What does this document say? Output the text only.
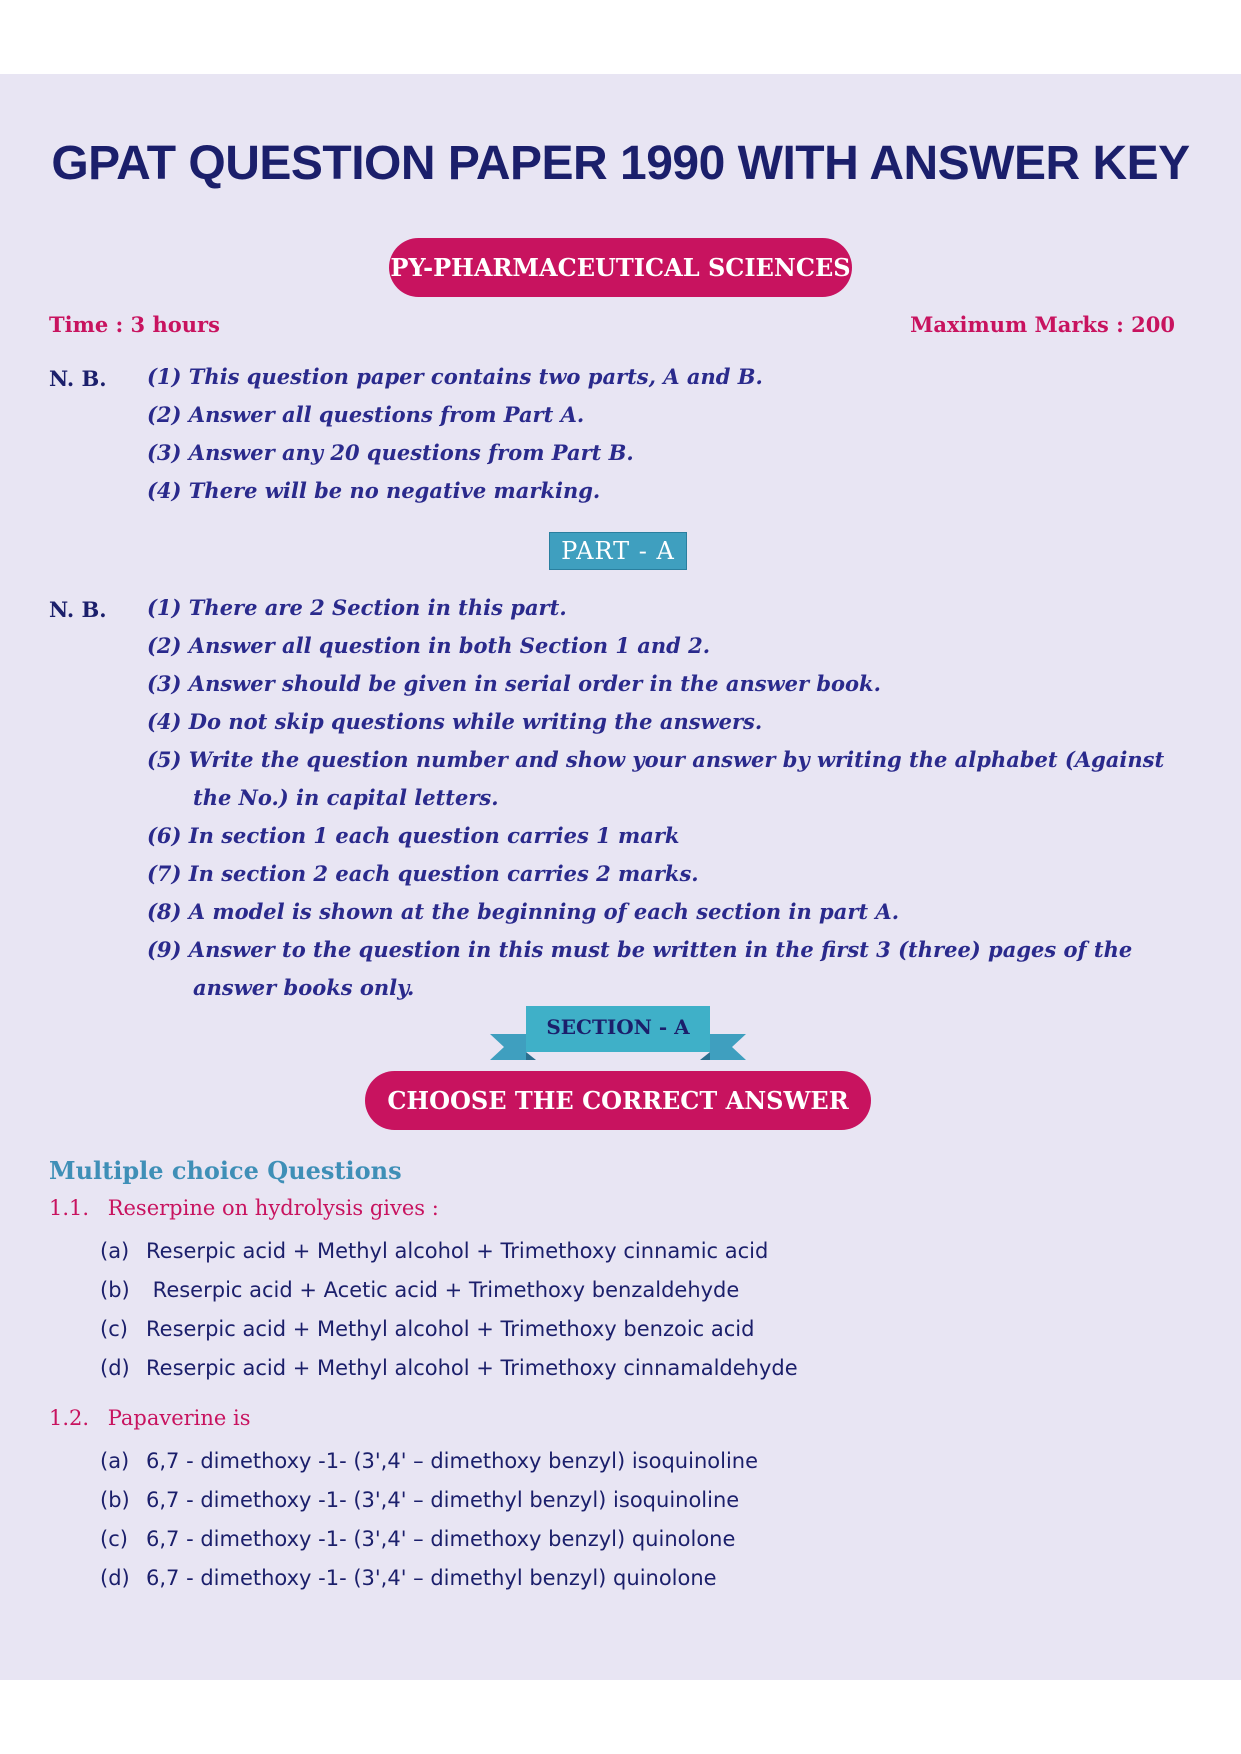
GPAT QUESTION PAPER 1990 WITH ANSWER KEY
PY-PHARMACEUTICAL SCIENCES
Time : 3 hours	Maximum Marks : 200
N. B. (1) This question paper contains two parts, A and B.
(2) Answer all questions from Part A.
(3) Answer any 20 questions from Part B.
(4) There will be no negative marking.
PART - A
N. B. (1) There are 2 Section in this part.
(2) Answer all question in both Section 1 and 2.
(3) Answer should be given in serial order in the answer book.
(4) Do not skip questions while writing the answers.
(5) Write the question number and show your answer by writing the alphabet (Against the No.) in capital letters.
(6) In section 1 each question carries 1 mark
(7) In section 2 each question carries 2 marks.
(8) A model is shown at the beginning of each section in part A.
(9) Answer to the question in this must be written in the first 3 (three) pages of the answer books only.
SECTION - A
CHOOSE THE CORRECT ANSWER
Multiple choice Questions
1.1. Reserpine on hydrolysis gives :
(a) Reserpic acid + Methyl alcohol + Trimethoxy cinnamic acid
(b) Reserpic acid + Acetic acid + Trimethoxy benzaldehyde
(c) Reserpic acid + Methyl alcohol + Trimethoxy benzoic acid
(d) Reserpic acid + Methyl alcohol + Trimethoxy cinnamaldehyde
1.2. Papaverine is
(a) 6,7 - dimethoxy -1- (3',4' – dimethoxy benzyl) isoquinoline
(b) 6,7 - dimethoxy -1- (3',4' – dimethyl benzyl) isoquinoline
(c) 6,7 - dimethoxy -1- (3',4' – dimethoxy benzyl) quinolone
(d) 6,7 - dimethoxy -1- (3',4' – dimethyl benzyl) quinolone
